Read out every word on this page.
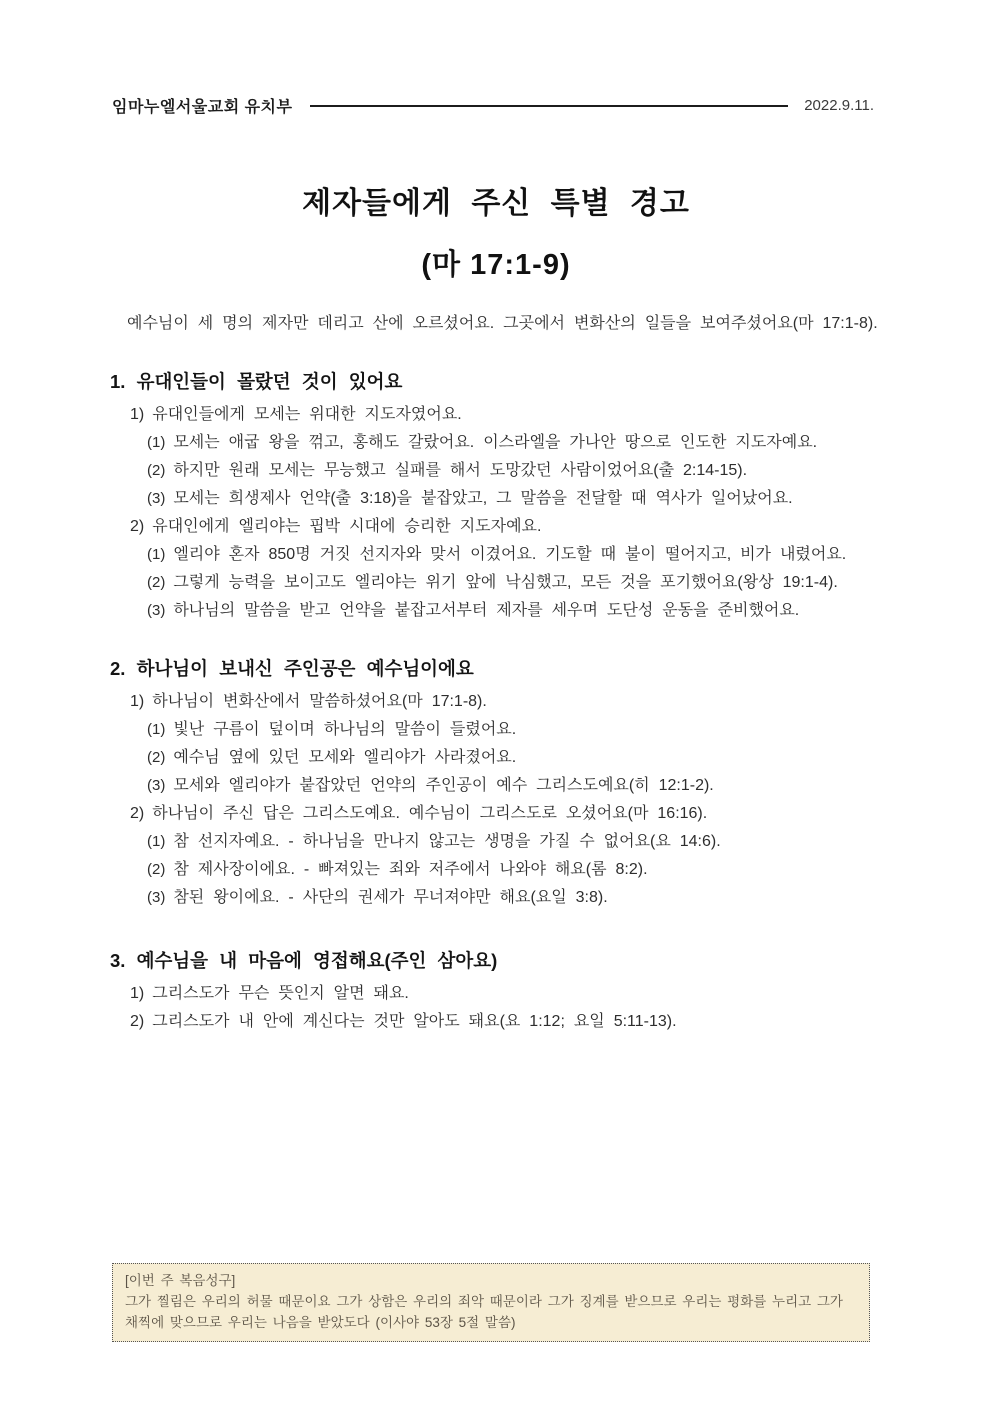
임마누엘서울교회 유치부	2022.9.11.
제자들에게 주신 특별 경고
(마 17:1-9)

예수님이 세 명의 제자만 데리고 산에 오르셨어요. 그곳에서 변화산의 일들을 보여주셨어요(마 17:1-8).

1. 유대인들이 몰랐던 것이 있어요
1) 유대인들에게 모세는 위대한 지도자였어요.
(1) 모세는 애굽 왕을 꺾고, 홍해도 갈랐어요. 이스라엘을 가나안 땅으로 인도한 지도자예요.
(2) 하지만 원래 모세는 무능했고 실패를 해서 도망갔던 사람이었어요(출 2:14-15).
(3) 모세는 희생제사 언약(출 3:18)을 붙잡았고, 그 말씀을 전달할 때 역사가 일어났어요.
2) 유대인에게 엘리야는 핍박 시대에 승리한 지도자예요.
(1) 엘리야 혼자 850명 거짓 선지자와 맞서 이겼어요. 기도할 때 불이 떨어지고, 비가 내렸어요.
(2) 그렇게 능력을 보이고도 엘리야는 위기 앞에 낙심했고, 모든 것을 포기했어요(왕상 19:1-4).
(3) 하나님의 말씀을 받고 언약을 붙잡고서부터 제자를 세우며 도단성 운동을 준비했어요.
2. 하나님이 보내신 주인공은 예수님이에요
1) 하나님이 변화산에서 말씀하셨어요(마 17:1-8).
(1) 빛난 구름이 덮이며 하나님의 말씀이 들렸어요.
(2) 예수님 옆에 있던 모세와 엘리야가 사라졌어요.
(3) 모세와 엘리야가 붙잡았던 언약의 주인공이 예수 그리스도예요(히 12:1-2).
2) 하나님이 주신 답은 그리스도예요. 예수님이 그리스도로 오셨어요(마 16:16).
(1) 참 선지자예요. - 하나님을 만나지 않고는 생명을 가질 수 없어요(요 14:6).
(2) 참 제사장이에요. - 빠져있는 죄와 저주에서 나와야 해요(롬 8:2).
(3) 참된 왕이에요. - 사단의 권세가 무너져야만 해요(요일 3:8).
3. 예수님을 내 마음에 영접해요(주인 삼아요)
1) 그리스도가 무슨 뜻인지 알면 돼요.
2) 그리스도가 내 안에 계신다는 것만 알아도 돼요(요 1:12; 요일 5:11-13).

[이번 주 복음성구]

그가 찔림은 우리의 허물 때문이요 그가 상함은 우리의 죄악 때문이라 그가 징계를 받으므로 우리는 평화를 누리고 그가 채찍에 맞으므로 우리는 나음을 받았도다 (이사야 53장 5절 말씀)
